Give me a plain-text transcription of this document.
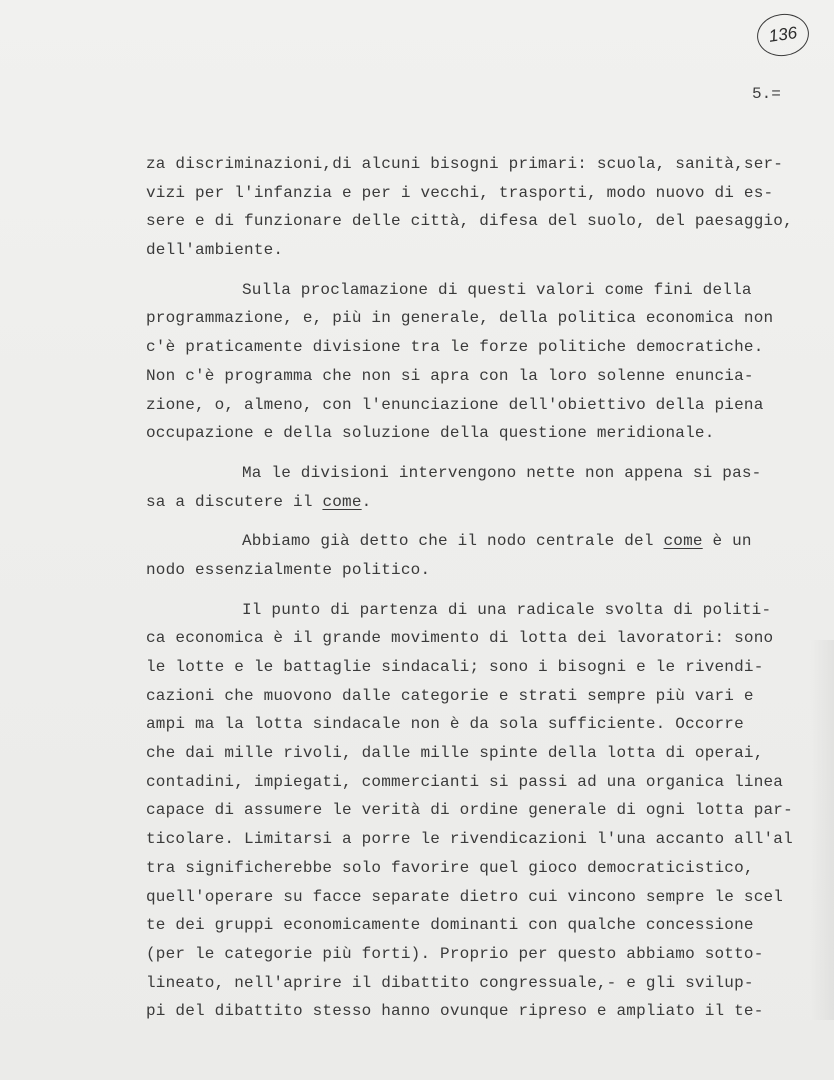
136
5.=
za discriminazioni,di alcuni bisogni primari: scuola, sanità,ser-
vizi per l'infanzia e per i vecchi, trasporti, modo nuovo di es-
sere e di funzionare delle città, difesa del suolo, del paesaggio,
dell'ambiente.
Sulla proclamazione di questi valori come fini della
programmazione, e, più in generale, della politica economica non
c'è praticamente divisione tra le forze politiche democratiche.
Non c'è programma che non si apra con la loro solenne enuncia-
zione, o, almeno, con l'enunciazione dell'obiettivo della piena
occupazione e della soluzione della questione meridionale.
Ma le divisioni intervengono nette non appena si pas-
sa a discutere il come.
Abbiamo già detto che il nodo centrale del come è un
nodo essenzialmente politico.
Il punto di partenza di una radicale svolta di politi-
ca economica è il grande movimento di lotta dei lavoratori: sono
le lotte e le battaglie sindacali; sono i bisogni e le rivendi-
cazioni che muovono dalle categorie e strati sempre più vari e
ampi ma la lotta sindacale non è da sola sufficiente. Occorre
che dai mille rivoli, dalle mille spinte della lotta di operai,
contadini, impiegati, commercianti si passi ad una organica linea
capace di assumere le verità di ordine generale di ogni lotta par-
ticolare. Limitarsi a porre le rivendicazioni l'una accanto all'al
tra significherebbe solo favorire quel gioco democraticistico,
quell'operare su facce separate dietro cui vincono sempre le scel
te dei gruppi economicamente dominanti con qualche concessione
(per le categorie più forti). Proprio per questo abbiamo sotto-
lineato, nell'aprire il dibattito congressuale,- e gli svilup-
pi del dibattito stesso hanno ovunque ripreso e ampliato il te-
